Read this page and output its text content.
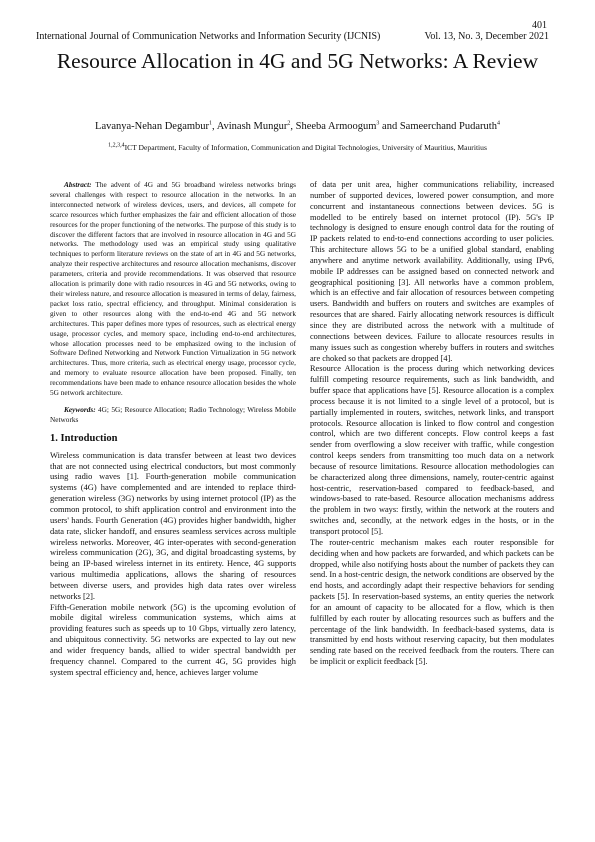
401
International Journal of Communication Networks and Information Security (IJCNIS)	Vol. 13, No. 3, December 2021
Resource Allocation in 4G and 5G Networks: A Review
Lavanya-Nehan Degambur$^1$, Avinash Mungur$^2$, Sheeba Armoogum$^3$ and Sameerchand Pudaruth$^4$
$^{1,2,3,4}$ICT Department, Faculty of Information, Communication and Digital Technologies, University of Mauritius, Mauritius

Abstract: The advent of 4G and 5G broadband wireless networks brings several challenges with respect to resource allocation in the networks. In an interconnected network of wireless devices, users, and devices, all compete for scarce resources which further emphasizes the fair and efficient allocation of those resources for the proper functioning of the networks. The purpose of this study is to discover the different factors that are involved in resource allocation in 4G and 5G networks. The methodology used was an empirical study using qualitative techniques to perform literature reviews on the state of art in 4G and 5G networks, analyze their respective architectures and resource allocation mechanisms, discover parameters, criteria and provide recommendations. It was observed that resource allocation is primarily done with radio resources in 4G and 5G networks, owing to their wireless nature, and resource allocation is measured in terms of delay, fairness, packet loss ratio, spectral efficiency, and throughput. Minimal consideration is given to other resources along with the end-to-end 4G and 5G network architectures. This paper defines more types of resources, such as electrical energy usage, processor cycles, and memory space, including end-to-end architectures, whose allocation processes need to be emphasized owing to the inclusion of Software Defined Networking and Network Function Virtualization in 5G network architectures. Thus, more criteria, such as electrical energy usage, processor cycle, and memory to evaluate resource allocation have been proposed. Finally, ten recommendations have been made to enhance resource allocation besides the whole 5G network architecture.

Keywords: 4G; 5G; Resource Allocation; Radio Technology; Wireless Mobile Networks

1. Introduction

Wireless communication is data transfer between at least two devices that are not connected using electrical conductors, but most commonly using radio waves [1]. Fourth-generation mobile communication systems (4G) have complemented and are intended to replace third-generation wireless (3G) networks by using internet protocol (IP) as the common protocol, to shift application control and environment into the users' hands. Fourth Generation (4G) provides higher bandwidth, higher data rate, slicker handoff, and ensures seamless services across multiple wireless networks. Moreover, 4G inter-operates with second-generation wireless communication (2G), 3G, and digital broadcasting systems, by being an IP-based wireless internet in its entirety. Hence, 4G supports various multimedia applications, allows the sharing of resources between diverse users, and provides high data rates over wireless networks [2].

Fifth-Generation mobile network (5G) is the upcoming evolution of mobile digital wireless communication systems, which aims at providing features such as speeds up to 10 Gbps, virtually zero latency, and ubiquitous connectivity. 5G networks are expected to lay out new and wider frequency bands, allied to wider spectral bandwidth per frequency channel. Compared to the current 4G, 5G provides high system spectral efficiency and, hence, achieves larger volume

of data per unit area, higher communications reliability, increased number of supported devices, lowered power consumption, and more concurrent and instantaneous connections between devices. 5G is modelled to be entirely based on internet protocol (IP). 5G's IP technology is designed to ensure enough control data for the routing of IP packets related to end-to-end connections according to user policies. This architecture allows 5G to be a unified global standard, enabling anywhere and anytime network availability. Additionally, using IPv6, mobile IP addresses can be assigned based on connected network and geographical positioning [3]. All networks have a common problem, which is an effective and fair allocation of resources between competing users. Bandwidth and buffers on routers and switches are examples of resources that are shared. Fairly allocating network resources is difficult since they are distributed across the network with a multitude of connections between devices. Failure to allocate resources results in many issues such as congestion whereby buffers in routers and switches are choked so that packets are dropped [4].

Resource Allocation is the process during which networking devices fulfill competing resource requirements, such as link bandwidth, and buffer space that applications have [5]. Resource allocation is a complex process because it is not limited to a single level of a protocol, but is partially implemented in routers, switches, network links, and transport protocols. Resource allocation is linked to flow control and congestion control, which are two different concepts. Flow control keeps a fast sender from overflowing a slow receiver with traffic, while congestion control keeps senders from transmitting too much data on a network because of resource limitations. Resource allocation methodologies can be characterized along three dimensions, namely, router-centric against host-centric, reservation-based compared to feedback-based, and windows-based to rate-based. Resource allocation mechanisms address the problem in two ways: firstly, within the network at the routers and switches and, secondly, at the network edges in the hosts, or in the transport protocol [5].

The router-centric mechanism makes each router responsible for deciding when and how packets are forwarded, and which packets can be dropped, while also notifying hosts about the number of packets they can send. In a host-centric design, the network conditions are observed by the end hosts, and accordingly adapt their respective behaviors for sending packets [5]. In reservation-based systems, an entity queries the network for an amount of capacity to be allocated for a flow, which is then fulfilled by each router by allocating resources such as buffers and the percentage of the link bandwidth. In feedback-based systems, data is transmitted by end hosts without reserving capacity, but then modulates sending rate based on the received feedback from the routers. There can be implicit or explicit feedback [5].
